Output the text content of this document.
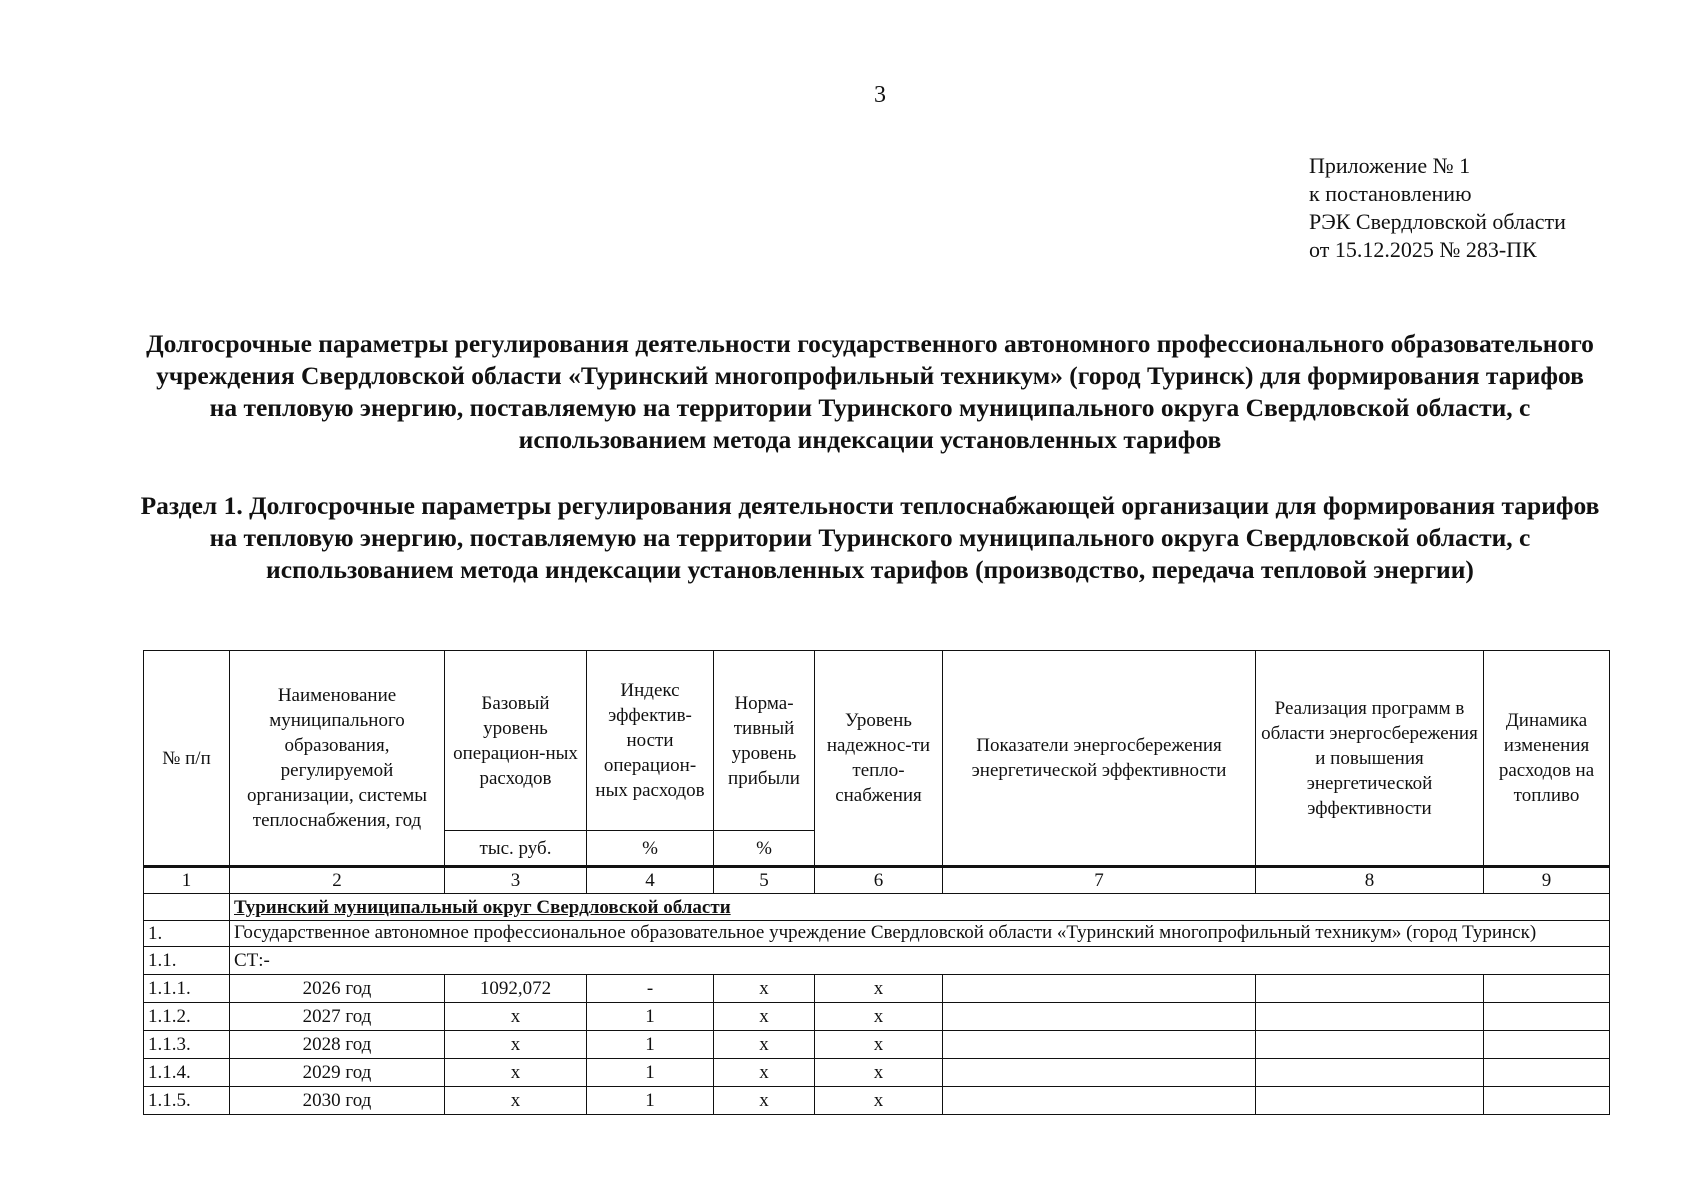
3
Приложение № 1
к постановлению
РЭК Свердловской области
от 15.12.2025 № 283-ПК
Долгосрочные параметры регулирования деятельности государственного автономного профессионального образовательного учреждения Свердловской области «Туринский многопрофильный техникум» (город Туринск) для формирования тарифов на тепловую энергию, поставляемую на территории Туринского муниципального округа Свердловской области, с использованием метода индексации установленных тарифов
Раздел 1. Долгосрочные параметры регулирования деятельности теплоснабжающей организации для формирования тарифов на тепловую энергию, поставляемую на территории Туринского муниципального округа Свердловской области, с использованием метода индексации установленных тарифов (производство, передача тепловой энергии)
№ п/п	Наименование муниципального образования, регулируемой организации, системы теплоснабжения, год	Базовый уровень операцион-ных расходов	Индекс эффектив-ности операцион-ных расходов	Норма-тивный уровень прибыли	Уровень надежнос-ти тепло-снабжения	Показатели энергосбережения энергетической эффективности	Реализация программ в области энергосбережения и повышения энергетической эффективности	Динамика изменения расходов на топливо
		тыс. руб.	%	%				
1	2	3	4	5	6	7	8	9
	Туринский муниципальный округ Свердловской области							
1.	Государственное автономное профессиональное образовательное учреждение Свердловской области «Туринский многопрофильный техникум» (город Туринск)							
1.1.	СТ:-							
1.1.1.	2026 год	1092,072	-	х	х			
1.1.2.	2027 год	х	1	х	х			
1.1.3.	2028 год	х	1	х	х			
1.1.4.	2029 год	х	1	х	х			
1.1.5.	2030 год	х	1	х	х			
